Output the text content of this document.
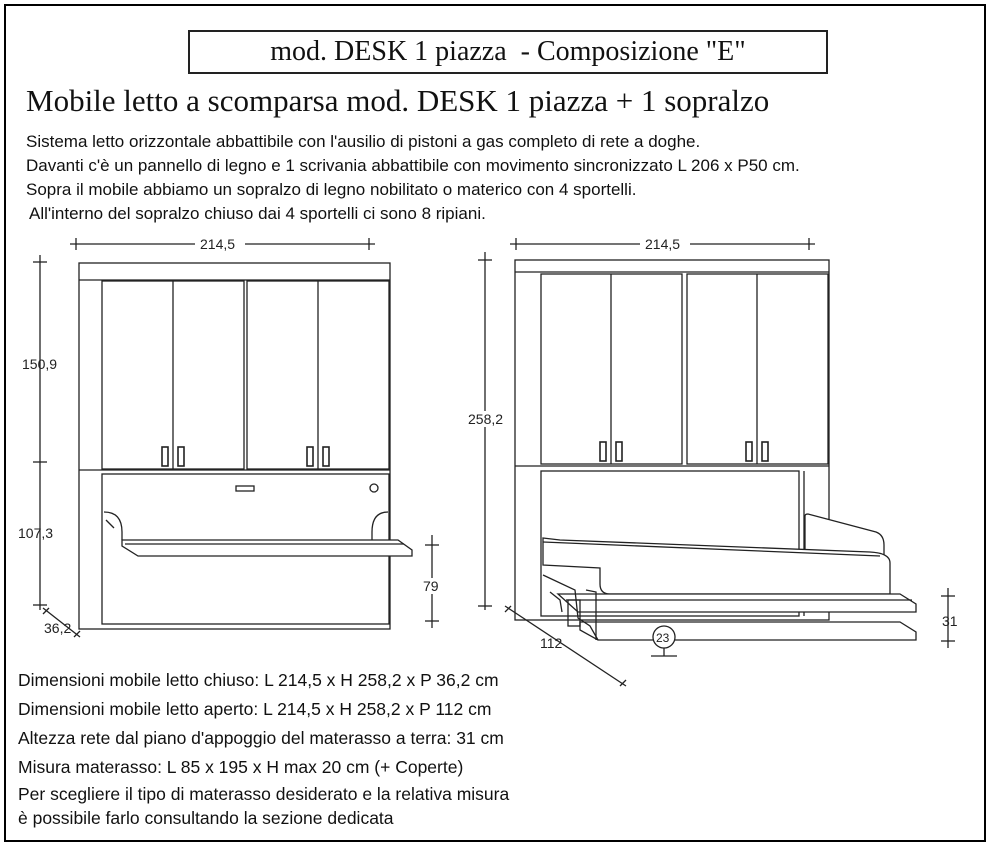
mod. DESK 1 piazza - Composizione "E"
Mobile letto a scomparsa mod. DESK 1 piazza + 1 sopralzo
Sistema letto orizzontale abbattibile con l'ausilio di pistoni a gas completo di rete a doghe.
Davanti c'è un pannello di legno e 1 scrivania abbattibile con movimento sincronizzato L 206 x P50 cm.
Sopra il mobile abbiamo un sopralzo di legno nobilitato o materico con 4 sportelli.
All'interno del sopralzo chiuso dai 4 sportelli ci sono 8 ripiani.
214,5
150,9
107,3
36,2
79
214,5
258,2
112
31
23
Dimensioni mobile letto chiuso: L 214,5 x H 258,2 x P 36,2 cm
Dimensioni mobile letto aperto: L 214,5 x H 258,2 x P 112 cm
Altezza rete dal piano d'appoggio del materasso a terra: 31 cm
Misura materasso: L 85 x 195 x H max 20 cm (+ Coperte)
Per scegliere il tipo di materasso desiderato e la relativa misura
è possibile farlo consultando la sezione dedicata
